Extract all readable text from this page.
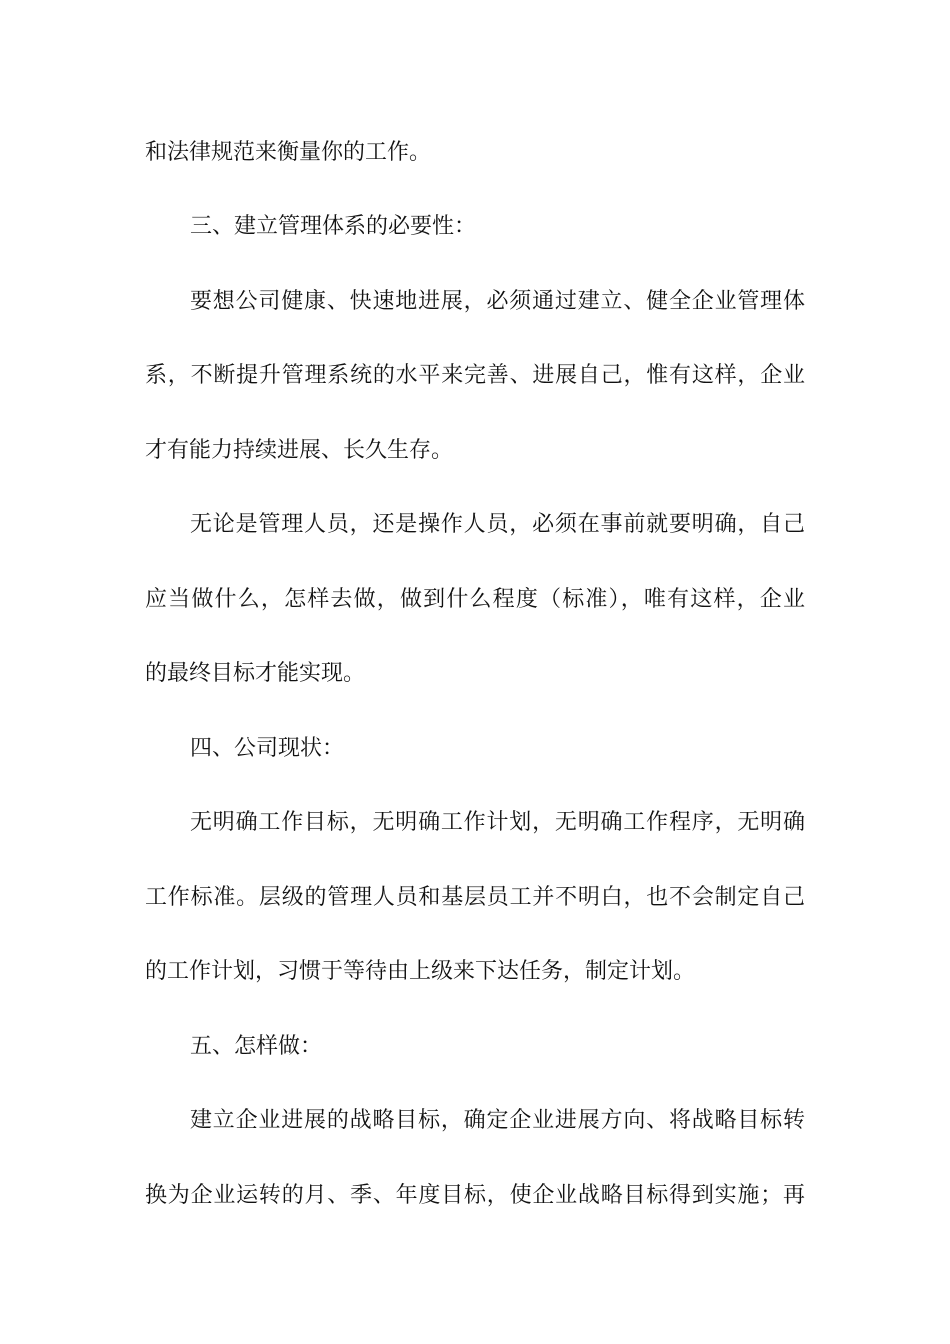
和法律规范来衡量你的工作。
三、建立管理体系的必要性：
要想公司健康、快速地进展，必须通过建立、健全企业管理体
系，不断提升管理系统的水平来完善、进展自己，惟有这样，企业
才有能力持续进展、长久生存。
无论是管理人员，还是操作人员，必须在事前就要明确，自己
应当做什么，怎样去做，做到什么程度（标准），唯有这样，企业
的最终目标才能实现。
四、公司现状：
无明确工作目标，无明确工作计划，无明确工作程序，无明确
工作标准。层级的管理人员和基层员工并不明白，也不会制定自己
的工作计划，习惯于等待由上级来下达任务，制定计划。
五、怎样做：
建立企业进展的战略目标，确定企业进展方向、将战略目标转
换为企业运转的月、季、年度目标，使企业战略目标得到实施；再
